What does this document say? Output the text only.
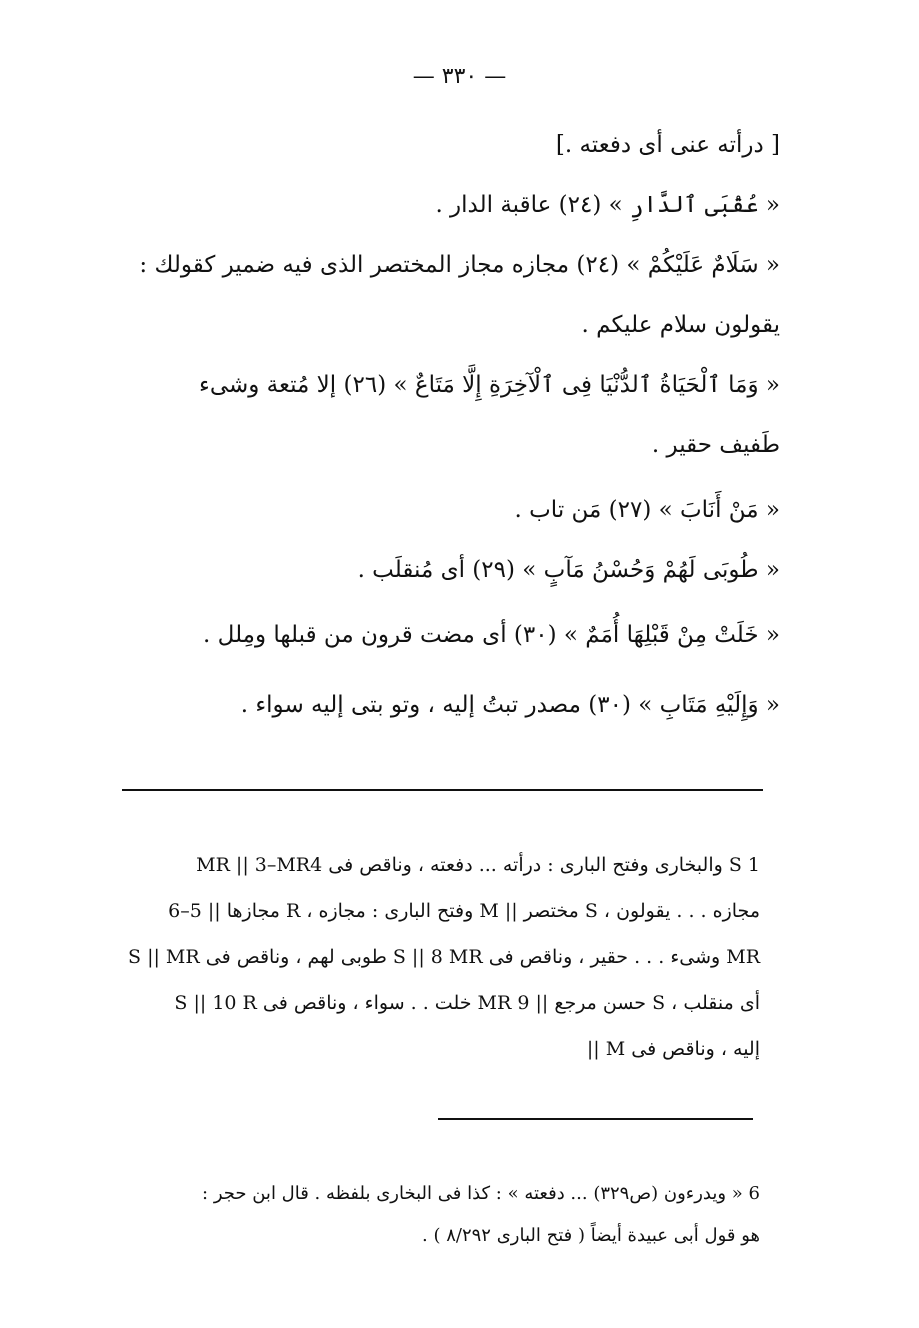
— ٣٣٠ —
[ درأته عنى أى دفعته .]
« عُقْبَى ٱلدَّارِ » (٢٤) عاقبة الدار .
« سَلَامٌ عَلَيْكُمْ » (٢٤) مجازه مجاز المختصر الذى فيه ضمير كقولك :
يقولون سلام عليكم .
« وَمَا ٱلْحَيَاةُ ٱلدُّنْيَا فِى ٱلْآخِرَةِ إِلَّا مَتَاعٌ » (٢٦) إلا مُتعة وشىء
طَفيف حقير .
« مَنْ أَنَابَ » (٢٧) مَن تاب .
« طُوبَى لَهُمْ وَحُسْنُ مَآبٍ » (٢٩) أى مُنقلَب .
« خَلَتْ مِنْ قَبْلِهَا أُمَمٌ » (٣٠) أى مضت قرون من قبلها ومِلل .
« وَإِلَيْهِ مَتَابِ » (٣٠) مصدر تبتُ إليه ، وتو بتى إليه سواء .
1 S والبخارى وفتح البارى : درأته ... دفعته ، وناقص فى MR || 3–MR4
مجازه . . . يقولون ، S مختصر || M وفتح البارى : مجازه ، R مجازها || 5–6
MR وشىء . . . حقير ، وناقص فى S || 8 MR طوبى لهم ، وناقص فى S || MR
أى منقلب ، S حسن مرجع || 9 MR خلت . . سواء ، وناقص فى S || 10 R
إليه ، وناقص فى M ||
6 « ويدرءون (ص٣٢٩) ... دفعته » : كذا فى البخارى بلفظه . قال ابن حجر :
هو قول أبى عبيدة أيضاً ( فتح البارى ٨/٢٩٢ ) .
